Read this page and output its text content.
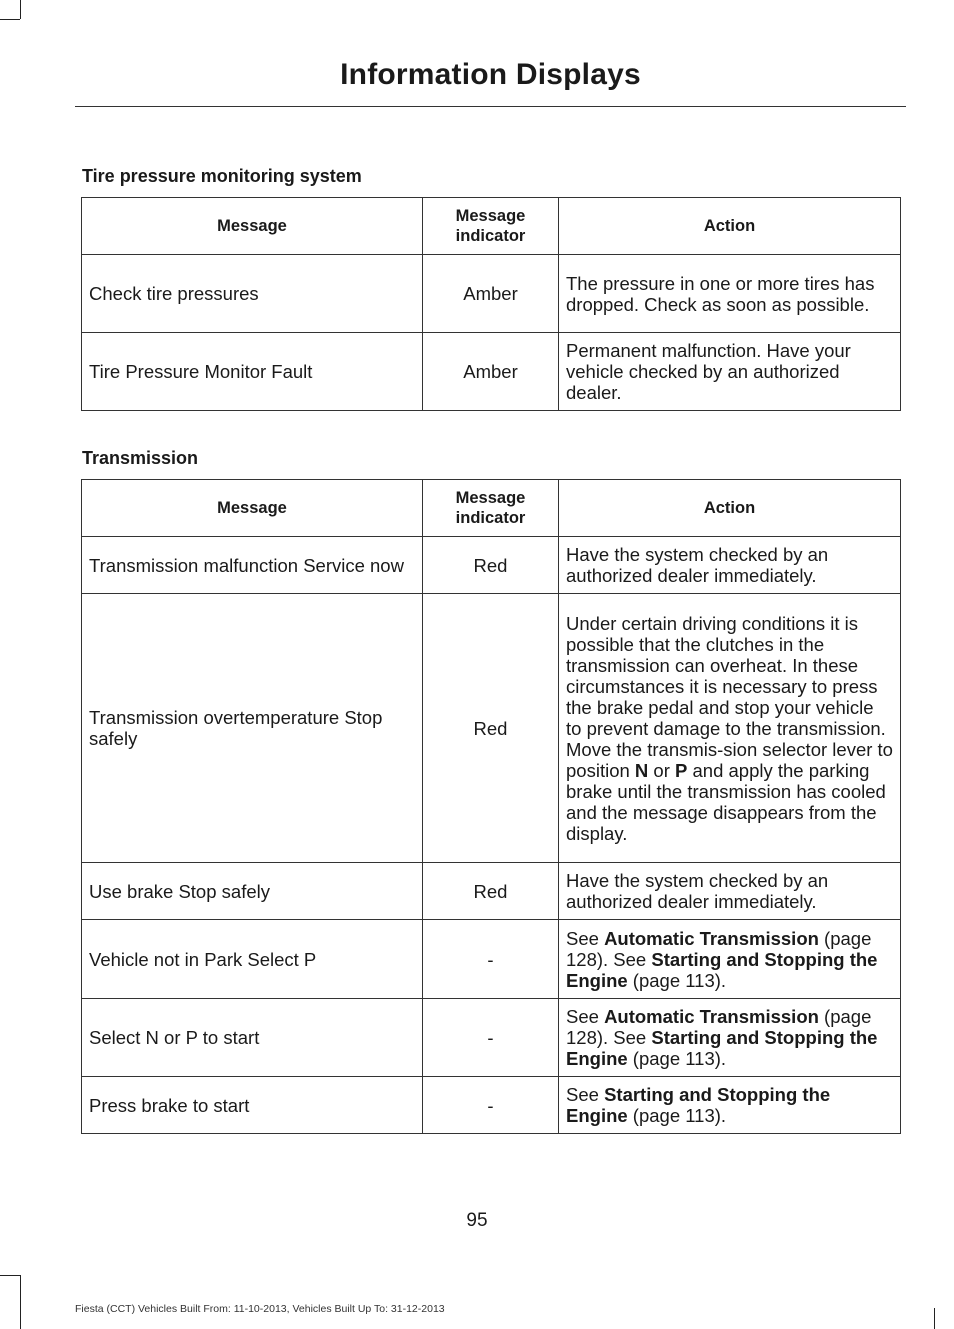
Information Displays
Tire pressure monitoring system
Message	Message indicator	Action
Check tire pressures	Amber	The pressure in one or more tires has dropped. Check as soon as possible.
Tire Pressure Monitor Fault	Amber	Permanent malfunction. Have your vehicle checked by an authorized dealer.
Transmission
Message	Message indicator	Action
Transmission malfunction Service now	Red	Have the system checked by an authorized dealer immediately.
Transmission overtemperature Stop safely	Red	Under certain driving conditions it is possible that the clutches in the transmission can overheat. In these circumstances it is necessary to press the brake pedal and stop your vehicle to prevent damage to the transmission. Move the transmis-sion selector lever to position N or P and apply the parking brake until the transmission has cooled and the message disappears from the display.
Use brake Stop safely	Red	Have the system checked by an authorized dealer immediately.
Vehicle not in Park Select P	-	See Automatic Transmission (page 128). See Starting and Stopping the Engine (page 113).
Select N or P to start	-	See Automatic Transmission (page 128). See Starting and Stopping the Engine (page 113).
Press brake to start	-	See Starting and Stopping the Engine (page 113).
95
Fiesta (CCT) Vehicles Built From: 11-10-2013, Vehicles Built Up To: 31-12-2013
